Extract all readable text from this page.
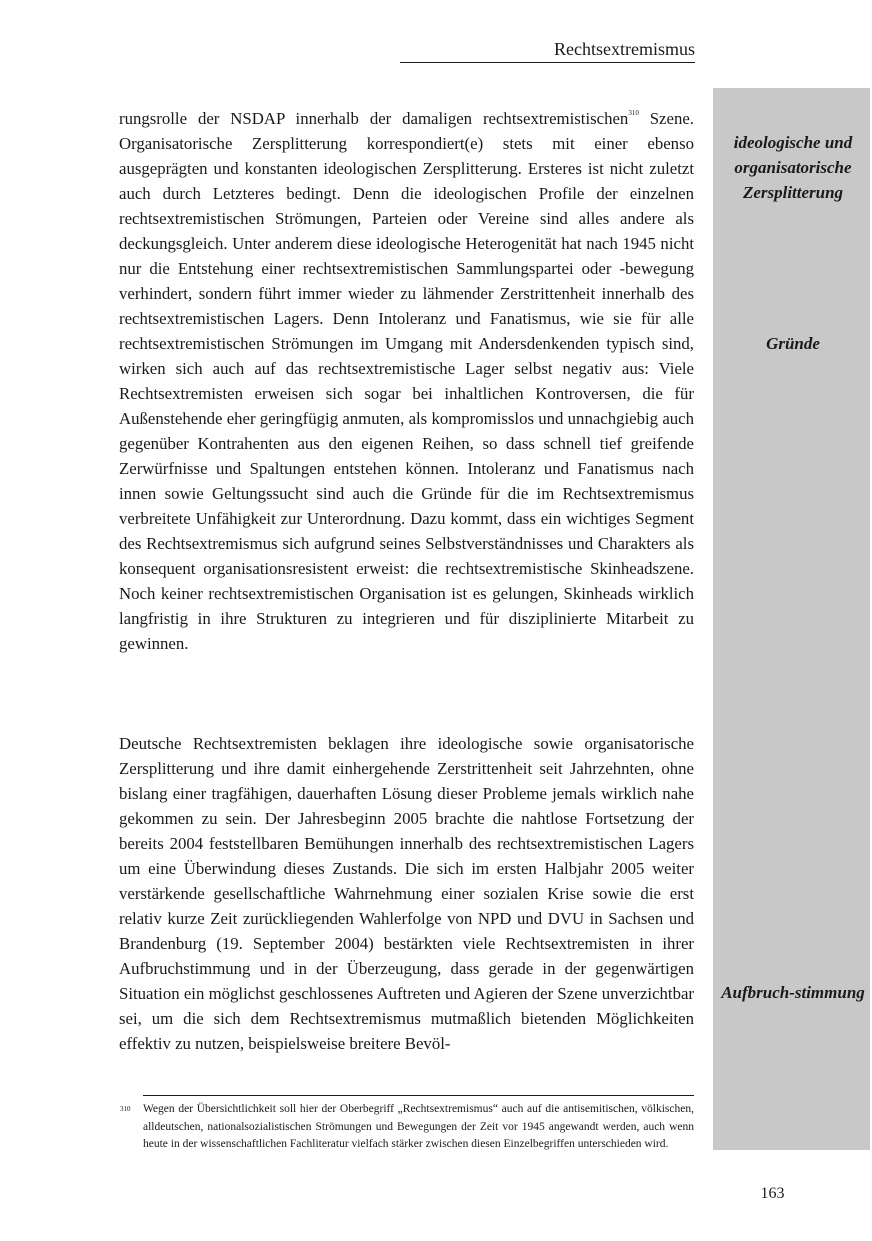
Rechtsextremismus
ideologische und organisatorische Zersplitterung
Gründe
Aufbruch-stimmung

rungsrolle der NSDAP innerhalb der damaligen rechtsextremistischen$^{310}$ Szene. Organisatorische Zersplitterung korrespondiert(e) stets mit einer ebenso ausgeprägten und konstanten ideologischen Zersplitterung. Ersteres ist nicht zuletzt auch durch Letzteres bedingt. Denn die ideologischen Profile der einzelnen rechtsextremistischen Strömungen, Parteien oder Vereine sind alles andere als deckungsgleich. Unter anderem diese ideologische Heterogenität hat nach 1945 nicht nur die Entstehung einer rechtsextremistischen Sammlungspartei oder -bewegung verhindert, sondern führt immer wieder zu lähmender Zerstrittenheit innerhalb des rechtsextremistischen Lagers. Denn Intoleranz und Fanatismus, wie sie für alle rechtsextremistischen Strömungen im Umgang mit Andersdenkenden typisch sind, wirken sich auch auf das rechtsextremistische Lager selbst negativ aus: Viele Rechtsextremisten erweisen sich sogar bei inhaltlichen Kontroversen, die für Außenstehende eher geringfügig anmuten, als kompromisslos und unnachgiebig auch gegenüber Kontrahenten aus den eigenen Reihen, so dass schnell tief greifende Zerwürfnisse und Spaltungen entstehen können. Intoleranz und Fanatismus nach innen sowie Geltungssucht sind auch die Gründe für die im Rechtsextremismus verbreitete Unfähigkeit zur Unterordnung. Dazu kommt, dass ein wichtiges Segment des Rechtsextremismus sich aufgrund seines Selbstverständnisses und Charakters als konsequent organisationsresistent erweist: die rechtsextremistische Skinheadszene. Noch keiner rechtsextremistischen Organisation ist es gelungen, Skinheads wirklich langfristig in ihre Strukturen zu integrieren und für disziplinierte Mitarbeit zu gewinnen.

Deutsche Rechtsextremisten beklagen ihre ideologische sowie organisatorische Zersplitterung und ihre damit einhergehende Zerstrittenheit seit Jahrzehnten, ohne bislang einer tragfähigen, dauerhaften Lösung dieser Probleme jemals wirklich nahe gekommen zu sein. Der Jahresbeginn 2005 brachte die nahtlose Fortsetzung der bereits 2004 feststellbaren Bemühungen innerhalb des rechtsextremistischen Lagers um eine Überwindung dieses Zustands. Die sich im ersten Halbjahr 2005 weiter verstärkende gesellschaftliche Wahrnehmung einer sozialen Krise sowie die erst relativ kurze Zeit zurückliegenden Wahlerfolge von NPD und DVU in Sachsen und Brandenburg (19. September 2004) bestärkten viele Rechtsextremisten in ihrer Aufbruchstimmung und in der Überzeugung, dass gerade in der gegenwärtigen Situation ein möglichst geschlossenes Auftreten und Agieren der Szene unverzichtbar sei, um die sich dem Rechtsextremismus mutmaßlich bietenden Möglichkeiten effektiv zu nutzen, beispielsweise breitere Bevöl-

310 Wegen der Übersichtlichkeit soll hier der Oberbegriff „Rechtsextremismus“ auch auf die antisemitischen, völkischen, alldeutschen, nationalsozialistischen Strömungen und Bewegungen der Zeit vor 1945 angewandt werden, auch wenn heute in der wissenschaftlichen Fachliteratur vielfach stärker zwischen diesen Einzelbegriffen unterschieden wird.

163
